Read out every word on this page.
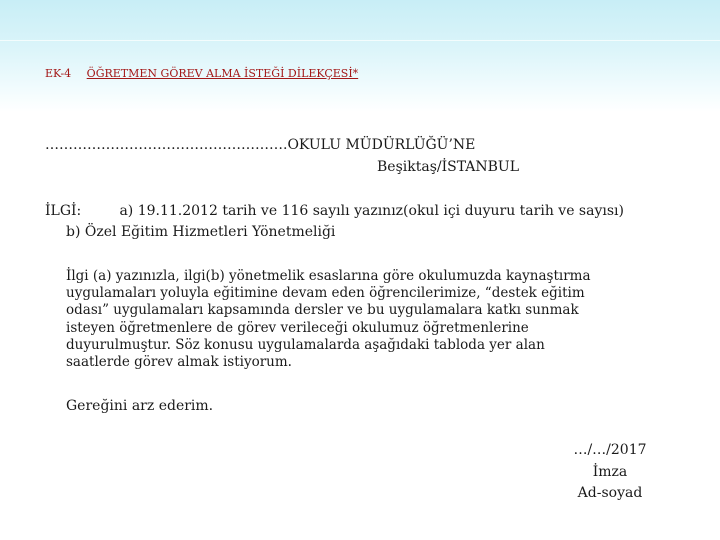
EK-4 ÖĞRETMEN GÖREV ALMA İSTEĞİ DİLEKÇESİ*
…………………………………………….OKULU MÜDÜRLÜĞÜ’NE
Beşiktaş/İSTANBUL
İLGİ:	a) 19.11.2012 tarih ve 116 sayılı yazınız(okul içi duyuru tarih ve sayısı)
b) Özel Eğitim Hizmetleri Yönetmeliği
İlgi (a) yazınızla, ilgi(b) yönetmelik esaslarına göre okulumuzda kaynaştırma
uygulamaları yoluyla eğitimine devam eden öğrencilerimize, “destek eğitim
odası” uygulamaları kapsamında dersler ve bu uygulamalara katkı sunmak
isteyen öğretmenlere de görev verileceği okulumuz öğretmenlerine
duyurulmuştur. Söz konusu uygulamalarda aşağıdaki tabloda yer alan
saatlerde görev almak istiyorum.
Gereğini arz ederim.
…/…/2017
İmza
Ad-soyad
